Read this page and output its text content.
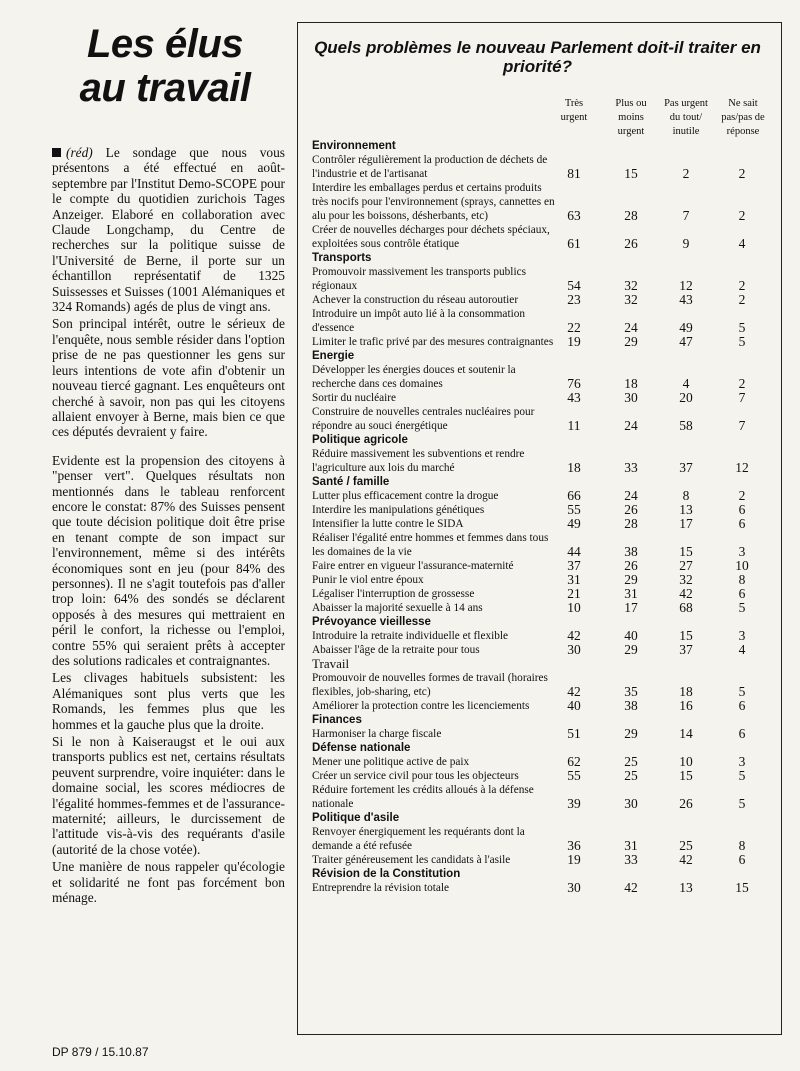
Les élus
au travail

(réd) Le sondage que nous vous présentons a été effectué en août-septembre par l'Institut Demo-SCOPE pour le compte du quotidien zurichois Tages Anzeiger. Elaboré en collaboration avec Claude Longchamp, du Centre de recherches sur la politique suisse de l'Université de Berne, il porte sur un échantillon représentatif de 1325 Suissesses et Suisses (1001 Alémaniques et 324 Romands) agés de plus de vingt ans.

Son principal intérêt, outre le sérieux de l'enquête, nous semble résider dans l'option prise de ne pas questionner les gens sur leurs intentions de vote afin d'obtenir un nouveau tiercé gagnant. Les enquêteurs ont cherché à savoir, non pas qui les citoyens allaient envoyer à Berne, mais bien ce que ces députés devraient y faire.

Evidente est la propension des citoyens à "penser vert". Quelques résultats non mentionnés dans le tableau renforcent encore le constat: 87% des Suisses pensent que toute décision politique doit être prise en tenant compte de son impact sur l'environnement, même si des intérêts économiques sont en jeu (pour 84% des personnes). Il ne s'agit toutefois pas d'aller trop loin: 64% des sondés se déclarent opposés à des mesures qui mettraient en péril le confort, la richesse ou l'emploi, contre 55% qui seraient prêts à accepter des solutions radicales et contraignantes.

Les clivages habituels subsistent: les Alémaniques sont plus verts que les Romands, les femmes plus que les hommes et la gauche plus que la droite.

Si le non à Kaiseraugst et le oui aux transports publics est net, certains résultats peuvent surprendre, voire inquiéter: dans le domaine social, les scores médiocres de l'égalité hommes-femmes et de l'assurance-maternité; ailleurs, le durcissement de l'attitude vis-à-vis des requérants d'asile (autorité de la chose votée).

Une manière de nous rappeler qu'écologie et solidarité ne font pas forcément bon ménage.

DP 879 / 15.10.87
Quels problèmes le nouveau Parlement doit-il traiter en priorité?
Très urgent
Plus ou moins urgent
Pas urgent du tout/ inutile
Ne sait pas/pas de réponse
Environnement
Contrôler régulièrement la production de déchets de l'industrie et de l'artisanat	81	15	2	2
Interdire les emballages perdus et certains produits très nocifs pour l'environnement (sprays, cannettes en alu pour les boissons, désherbants, etc)	63	28	7	2
Créer de nouvelles décharges pour déchets spéciaux, exploitées sous contrôle étatique	61	26	9	4
Transports
Promouvoir massivement les transports publics régionaux	54	32	12	2
Achever la construction du réseau autoroutier	23	32	43	2
Introduire un impôt auto lié à la consommation d'essence	22	24	49	5
Limiter le trafic privé par des mesures contraignantes	19	29	47	5
Energie
Développer les énergies douces et soutenir la recherche dans ces domaines	76	18	4	2
Sortir du nucléaire	43	30	20	7
Construire de nouvelles centrales nucléaires pour répondre au souci énergétique	11	24	58	7
Politique agricole
Réduire massivement les subventions et rendre l'agriculture aux lois du marché	18	33	37	12
Santé / famille
Lutter plus efficacement contre la drogue	66	24	8	2
Interdire les manipulations génétiques	55	26	13	6
Intensifier la lutte contre le SIDA	49	28	17	6
Réaliser l'égalité entre hommes et femmes dans tous les domaines de la vie	44	38	15	3
Faire entrer en vigueur l'assurance-maternité	37	26	27	10
Punir le viol entre époux	31	29	32	8
Légaliser l'interruption de grossesse	21	31	42	6
Abaisser la majorité sexuelle à 14 ans	10	17	68	5
Prévoyance vieillesse
Introduire la retraite individuelle et flexible	42	40	15	3
Abaisser l'âge de la retraite pour tous	30	29	37	4
Travail
Promouvoir de nouvelles formes de travail (horaires flexibles, job-sharing, etc)	42	35	18	5
Améliorer la protection contre les licenciements	40	38	16	6
Finances
Harmoniser la charge fiscale	51	29	14	6
Défense nationale
Mener une politique active de paix	62	25	10	3
Créer un service civil pour tous les objecteurs	55	25	15	5
Réduire fortement les crédits alloués à la défense nationale	39	30	26	5
Politique d'asile
Renvoyer énergiquement les requérants dont la demande a été refusée	36	31	25	8
Traiter généreusement les candidats à l'asile	19	33	42	6
Révision de la Constitution
Entreprendre la révision totale	30	42	13	15
